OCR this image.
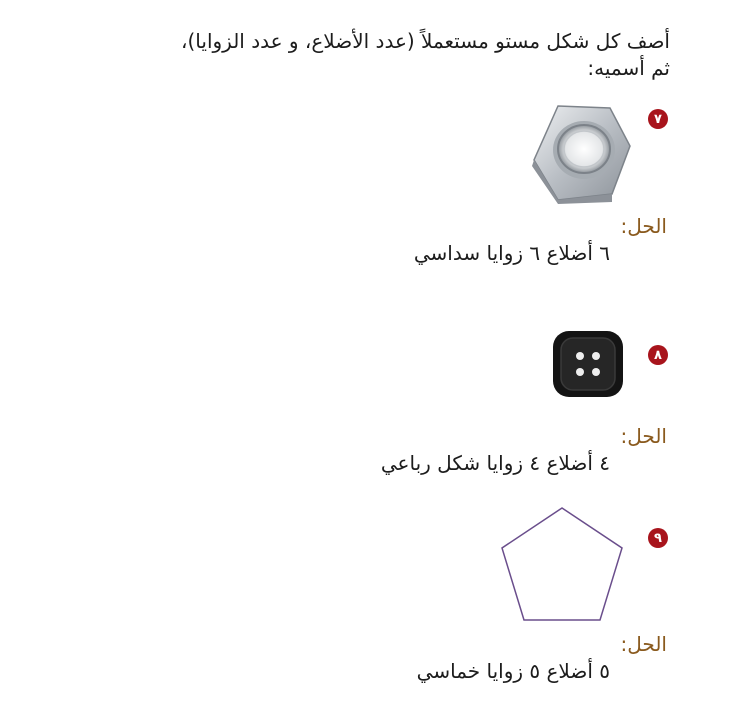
أصف كل شكل مستو مستعملاً (عدد الأضلاع، و عدد الزوايا)،
ثم أسميه:
٧
الحل:
٦ أضلاع ٦ زوايا سداسي
٨
الحل:
٤ أضلاع ٤ زوايا شكل رباعي
٩
الحل:
٥ أضلاع ٥ زوايا خماسي
